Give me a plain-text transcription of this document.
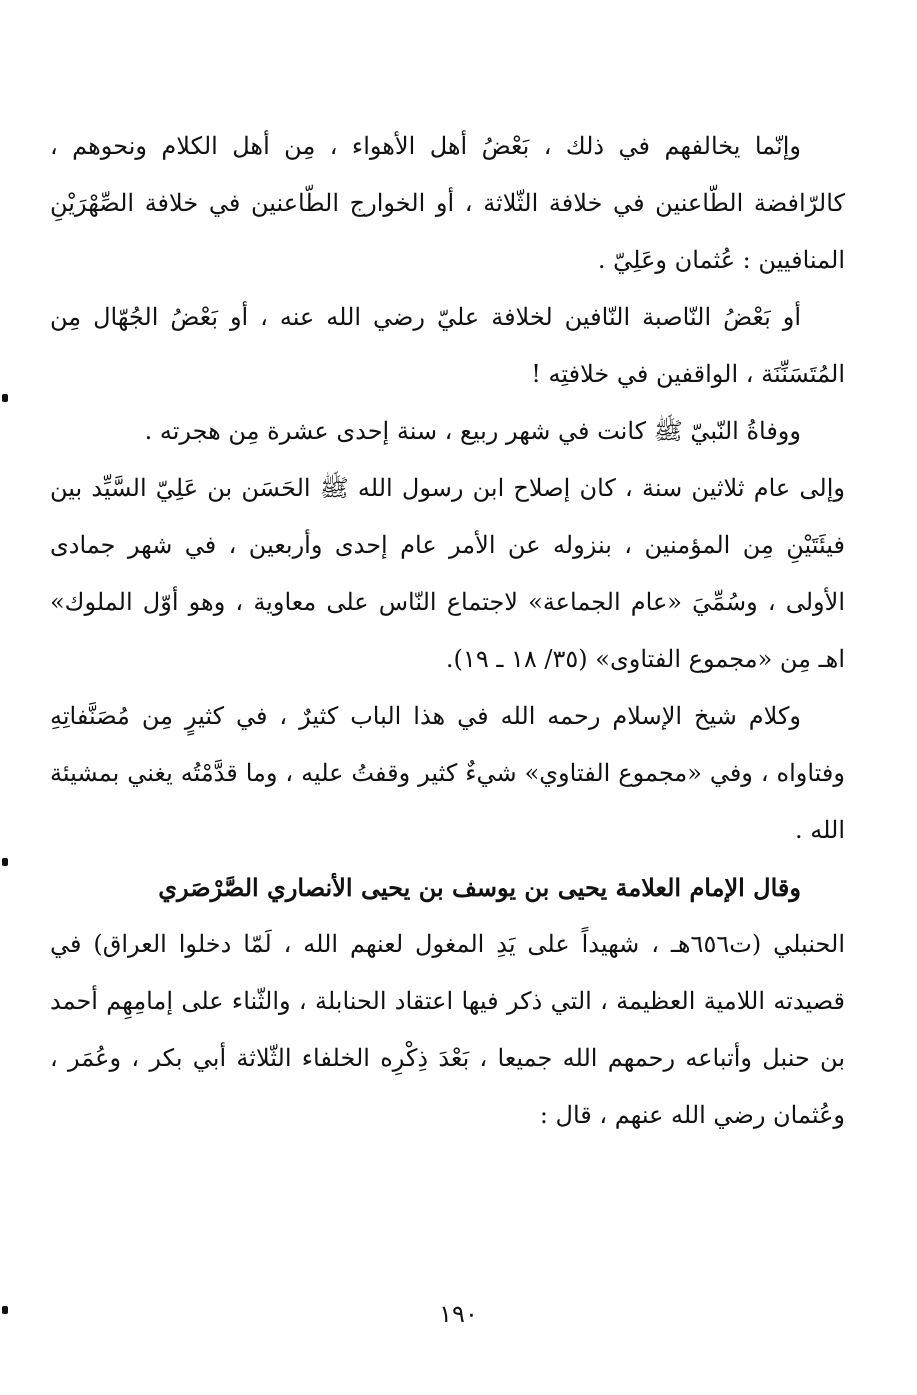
وإنّما يخالفهم في ذلك ، بَعْضُ أهل الأهواء ، مِن أهل الكلام ونحوهم ، كالرّافضة الطّاعنين في خلافة الثّلاثة ، أو الخوارج الطّاعنين في خلافة الصِّهْرَيْنِ المنافيين : عُثمان وعَلِيّ .

أو بَعْضُ النّاصبة النّافين لخلافة عليّ رضي الله عنه ، أو بَعْضُ الجُهّال مِن المُتَسَنِّنَة ، الواقفين في خلافتِه !

ووفاةُ النّبيّ ﷺ كانت في شهر ربيع ، سنة إحدى عشرة مِن هجرته .

وإلى عام ثلاثين سنة ، كان إصلاح ابن رسول الله ﷺ الحَسَن بن عَلِيّ السَّيِّد بين فيئَتَيْنِ مِن المؤمنين ، بنزوله عن الأمر عام إحدى وأربعين ، في شهر جمادى الأولى ، وسُمِّيَ «عام الجماعة» لاجتماع النّاس على معاوية ، وهو أوّل الملوك» اهـ مِن «مجموع الفتاوى» (٣٥/ ١٨ ـ ١٩).

وكلام شيخ الإسلام رحمه الله في هذا الباب كثيرٌ ، في كثيرٍ مِن مُصَنَّفاتِهِ وفتاواه ، وفي «مجموع الفتاوي» شيءٌ كثير وقفتُ عليه ، وما قدَّمْتُه يغني بمشيئة الله .

وقال الإمام العلامة يحيى بن يوسف بن يحيى الأنصاري الصَّرْصَري

الحنبلي (ت٦٥٦هـ ، شهيداً على يَدِ المغول لعنهم الله ، لَمّا دخلوا العراق) في قصيدته اللامية العظيمة ، التي ذكر فيها اعتقاد الحنابلة ، والثّناء على إمامِهِم أحمد بن حنبل وأتباعه رحمهم الله جميعا ، بَعْدَ ذِكْرِه الخلفاء الثّلاثة أبي بكر ، وعُمَر ، وعُثمان رضي الله عنهم ، قال :

١٩٠
